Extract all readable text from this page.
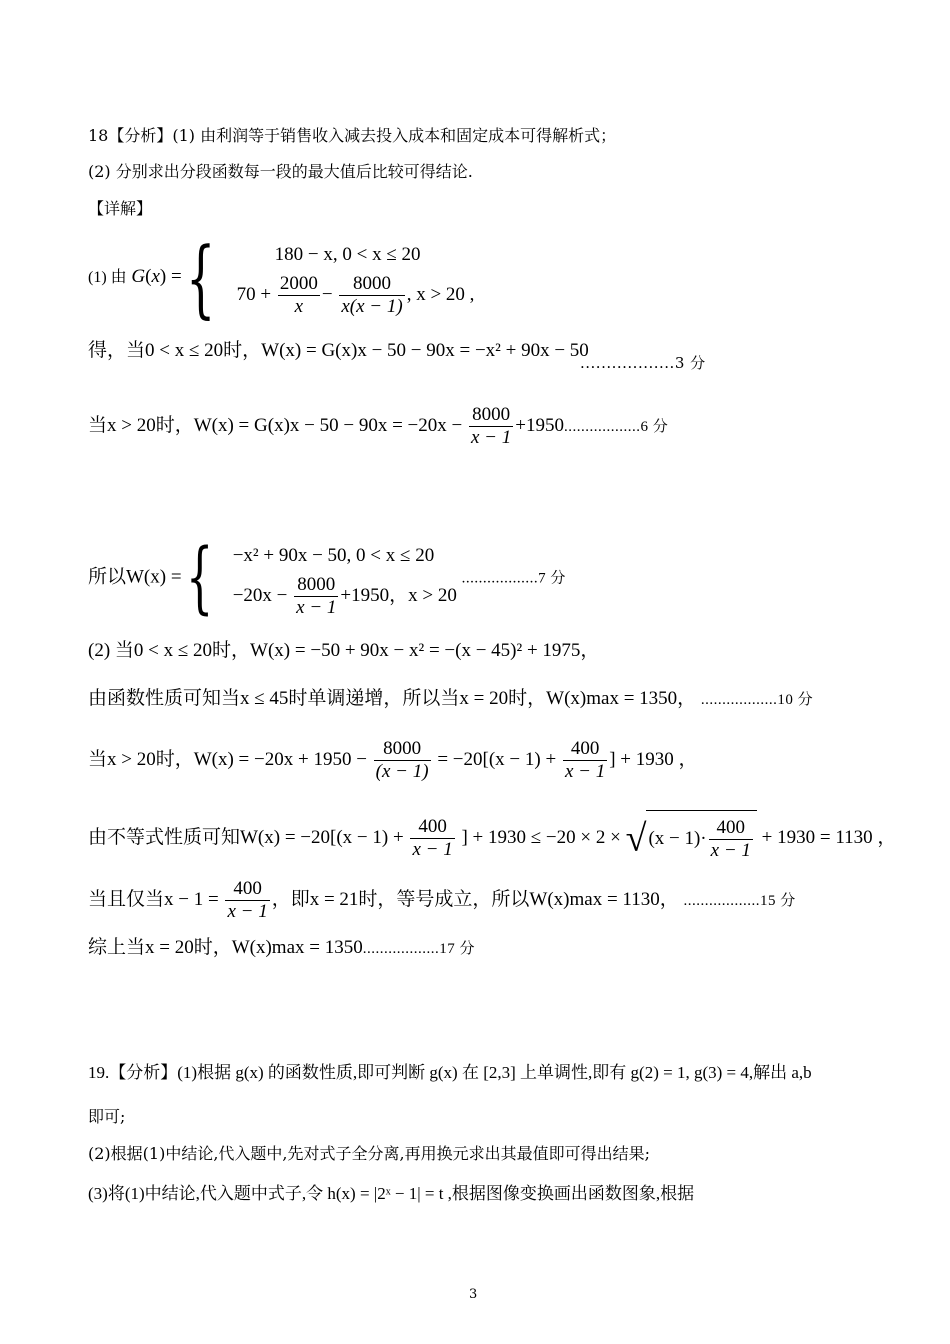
18【分析】(1) 由利润等于销售收入减去投入成本和固定成本可得解析式；
(2) 分别求出分段函数每一段的最大值后比较可得结论.
【详解】
(1) 由 G(x) = {	180 − x, 0 < x ≤ 20
$70 + \frac{2000}{x} - \frac{8000}{x(x - 1)}$ , x > 20 ,
得，当0 < x ≤ 20时，W(x) = G(x)x − 50 − 90x = −x² + 90x − 50
..................3 分
当x > 20时，$W(x) = G(x)x - 50 - 90x = -20x - \frac{8000}{x - 1} +1950..................6$ 分
所以W(x) = { −x² + 90x − 50, 0 < x ≤ 20
$-20x - \frac{8000}{x - 1} +1950$，x > 20
..................7 分
(2) 当0 < x ≤ 20时，W(x) = −50 + 90x − x² = −(x − 45)² + 1975，
由函数性质可知当x ≤ 45时单调递增，所以当x = 20时，W(x)max = 1350， ..................10 分
当x > 20时，$W(x) = -20x + 1950 - \frac{8000}{(x - 1)} = -20[(x - 1) + \frac{400}{x - 1}$ ] + 1930 ，
由不等式性质可知$W(x) = -20[(x - 1) + \frac{400}{x - 1}$ ] + 1930 ≤ −20 × 2 × √ $(x - 1)\cdot \frac{400}{x - 1} + 1930 = 1130$ ，
当且仅当$x - 1 = \frac{400}{x - 1}$ ，即x = 21时，等号成立，所以W(x)max = 1130， ..................15 分
综上当x = 20时，W(x)max = 1350..................17 分
19.【分析】(1)根据 g(x) 的函数性质,即可判断 g(x) 在 [2,3] 上单调性,即有 g(2) = 1, g(3) = 4,解出 a,b
即可;
(2)根据(1)中结论,代入题中,先对式子全分离,再用换元求出其最值即可得出结果;
(3)将(1)中结论,代入题中式子,令 h(x) = |2ˣ − 1| = t ,根据图像变换画出函数图象,根据
3
